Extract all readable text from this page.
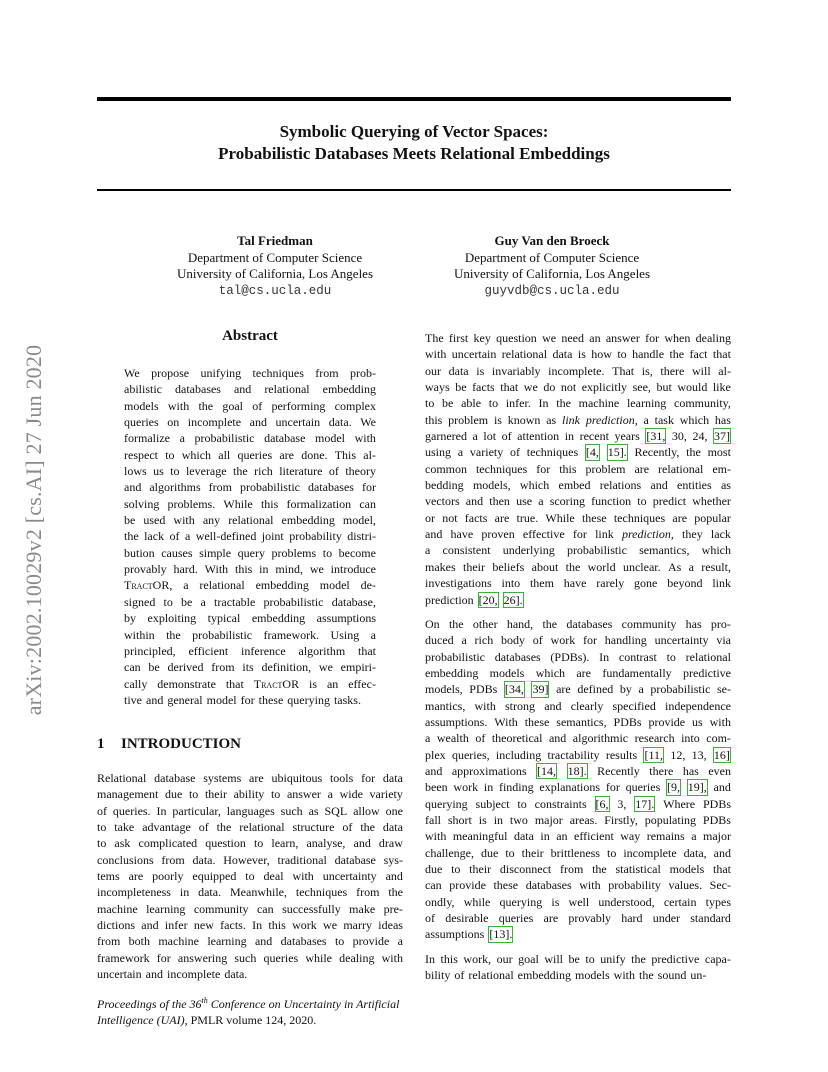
Symbolic Querying of Vector Spaces:
Probabilistic Databases Meets Relational Embeddings
Tal Friedman
Department of Computer Science
University of California, Los Angeles
tal@cs.ucla.edu
Guy Van den Broeck
Department of Computer Science
University of California, Los Angeles
guyvdb@cs.ucla.edu
arXiv:2002.10029v2 [cs.AI] 27 Jun 2020
Abstract
We propose unifying techniques from prob-
abilistic databases and relational embedding
models with the goal of performing complex
queries on incomplete and uncertain data. We
formalize a probabilistic database model with
respect to which all queries are done. This al-
lows us to leverage the rich literature of theory
and algorithms from probabilistic databases for
solving problems. While this formalization can
be used with any relational embedding model,
the lack of a well-defined joint probability distri-
bution causes simple query problems to become
provably hard. With this in mind, we introduce
TractOR, a relational embedding model de-
signed to be a tractable probabilistic database,
by exploiting typical embedding assumptions
within the probabilistic framework. Using a
principled, efficient inference algorithm that
can be derived from its definition, we empiri-
cally demonstrate that TractOR is an effec-
tive and general model for these querying tasks.
1 INTRODUCTION
Relational database systems are ubiquitous tools for data
management due to their ability to answer a wide variety
of queries. In particular, languages such as SQL allow one
to take advantage of the relational structure of the data
to ask complicated question to learn, analyse, and draw
conclusions from data. However, traditional database sys-
tems are poorly equipped to deal with uncertainty and
incompleteness in data. Meanwhile, techniques from the
machine learning community can successfully make pre-
dictions and infer new facts. In this work we marry ideas
from both machine learning and databases to provide a
framework for answering such queries while dealing with
uncertain and incomplete data.
The first key question we need an answer for when dealing
with uncertain relational data is how to handle the fact that
our data is invariably incomplete. That is, there will al-
ways be facts that we do not explicitly see, but would like
to be able to infer. In the machine learning community,
this problem is known as link prediction, a task which has
garnered a lot of attention in recent years [31, 30, 24, 37]
using a variety of techniques [4, 15]. Recently, the most
common techniques for this problem are relational em-
bedding models, which embed relations and entities as
vectors and then use a scoring function to predict whether
or not facts are true. While these techniques are popular
and have proven effective for link prediction, they lack
a consistent underlying probabilistic semantics, which
makes their beliefs about the world unclear. As a result,
investigations into them have rarely gone beyond link
prediction [20, 26].
On the other hand, the databases community has pro-
duced a rich body of work for handling uncertainty via
probabilistic databases (PDBs). In contrast to relational
embedding models which are fundamentally predictive
models, PDBs [34, 39] are defined by a probabilistic se-
mantics, with strong and clearly specified independence
assumptions. With these semantics, PDBs provide us with
a wealth of theoretical and algorithmic research into com-
plex queries, including tractability results [11, 12, 13, 16]
and approximations [14, 18]. Recently there has even
been work in finding explanations for queries [9, 19], and
querying subject to constraints [6, 3, 17]. Where PDBs
fall short is in two major areas. Firstly, populating PDBs
with meaningful data in an efficient way remains a major
challenge, due to their brittleness to incomplete data, and
due to their disconnect from the statistical models that
can provide these databases with probability values. Sec-
ondly, while querying is well understood, certain types
of desirable queries are provably hard under standard
assumptions [13].
In this work, our goal will be to unify the predictive capa-
bility of relational embedding models with the sound un-
Proceedings of the 36th Conference on Uncertainty in Artificial
Intelligence (UAI), PMLR volume 124, 2020.
